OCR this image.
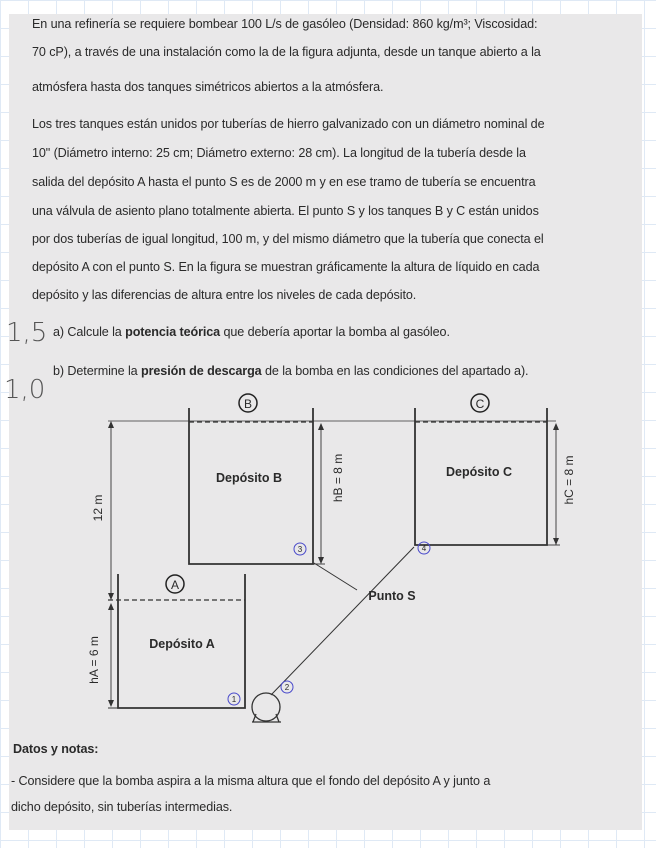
En una refinería se requiere bombear 100 L/s de gasóleo (Densidad: 860 kg/m³; Viscosidad:
70 cP), a través de una instalación como la de la figura adjunta, desde un tanque abierto a la
atmósfera hasta dos tanques simétricos abiertos a la atmósfera.
Los tres tanques están unidos por tuberías de hierro galvanizado con un diámetro nominal de
10" (Diámetro interno: 25 cm; Diámetro externo: 28 cm). La longitud de la tubería desde la
salida del depósito A hasta el punto S es de 2000 m y en ese tramo de tubería se encuentra
una válvula de asiento plano totalmente abierta. El punto S y los tanques B y C están unidos
por dos tuberías de igual longitud, 100 m, y del mismo diámetro que la tubería que conecta el
depósito A con el punto S. En la figura se muestran gráficamente la altura de líquido en cada
depósito y las diferencias de altura entre los niveles de cada depósito.
a) Calcule la potencia teórica que debería aportar la bomba al gasóleo.
b) Determine la presión de descarga de la bomba en las condiciones del apartado a).
1,5
1,0	B	C
A
Depósito B	Depósito C
Depósito A
Punto S
12 m
hA = 6 m
hB = 8 m	hC = 8 m
1
2
3	4
Datos y notas:
- Considere que la bomba aspira a la misma altura que el fondo del depósito A y junto a
dicho depósito, sin tuberías intermedias.
